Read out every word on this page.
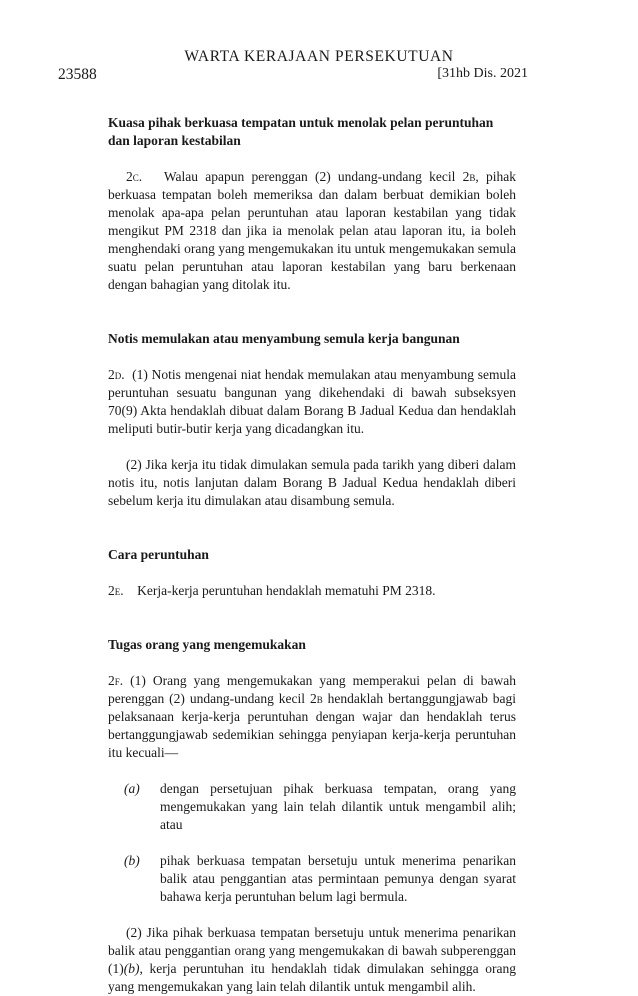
WARTA KERAJAAN PERSEKUTUAN
23588	[31hb Dis. 2021
Kuasa pihak berkuasa tempatan untuk menolak pelan peruntuhan dan laporan kestabilan

2c. Walau apapun perenggan (2) undang-undang kecil 2b, pihak berkuasa tempatan boleh memeriksa dan dalam berbuat demikian boleh menolak apa-apa pelan peruntuhan atau laporan kestabilan yang tidak mengikut PM 2318 dan jika ia menolak pelan atau laporan itu, ia boleh menghendaki orang yang mengemukakan itu untuk mengemukakan semula suatu pelan peruntuhan atau laporan kestabilan yang baru berkenaan dengan bahagian yang ditolak itu.

Notis memulakan atau menyambung semula kerja bangunan

2d. (1) Notis mengenai niat hendak memulakan atau menyambung semula peruntuhan sesuatu bangunan yang dikehendaki di bawah subseksyen 70(9) Akta hendaklah dibuat dalam Borang B Jadual Kedua dan hendaklah meliputi butir-butir kerja yang dicadangkan itu.

(2) Jika kerja itu tidak dimulakan semula pada tarikh yang diberi dalam notis itu, notis lanjutan dalam Borang B Jadual Kedua hendaklah diberi sebelum kerja itu dimulakan atau disambung semula.

Cara peruntuhan

2e. Kerja-kerja peruntuhan hendaklah mematuhi PM 2318.

Tugas orang yang mengemukakan

2f. (1) Orang yang mengemukakan yang memperakui pelan di bawah perenggan (2) undang-undang kecil 2b hendaklah bertanggungjawab bagi pelaksanaan kerja-kerja peruntuhan dengan wajar dan hendaklah terus bertanggungjawab sedemikian sehingga penyiapan kerja-kerja peruntuhan itu kecuali—

(a) dengan persetujuan pihak berkuasa tempatan, orang yang mengemukakan yang lain telah dilantik untuk mengambil alih; atau

(b) pihak berkuasa tempatan bersetuju untuk menerima penarikan balik atau penggantian atas permintaan pemunya dengan syarat bahawa kerja peruntuhan belum lagi bermula.

(2) Jika pihak berkuasa tempatan bersetuju untuk menerima penarikan balik atau penggantian orang yang mengemukakan di bawah subperenggan (1)(b), kerja peruntuhan itu hendaklah tidak dimulakan sehingga orang yang mengemukakan yang lain telah dilantik untuk mengambil alih.
